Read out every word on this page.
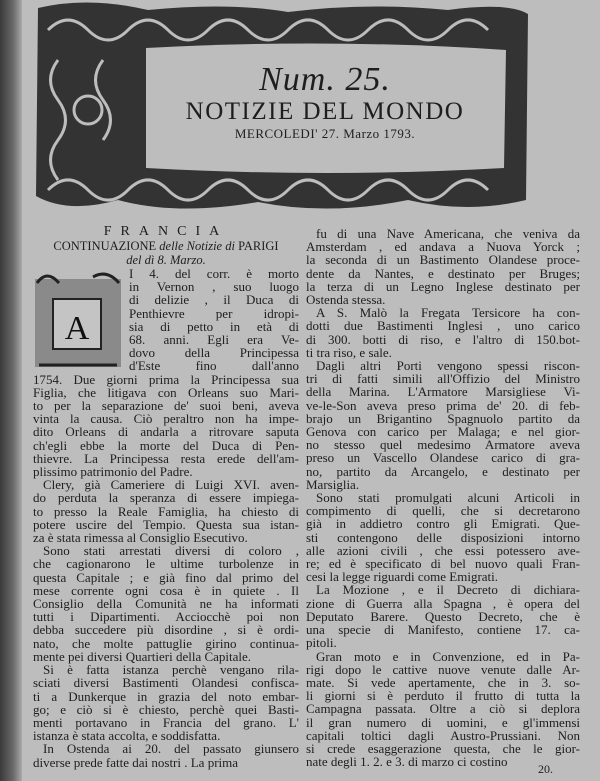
Num. 25.
NOTIZIE DEL MONDO
MERCOLEDI' 27. Marzo 1793.
FRANCIA
CONTINUAZIONE delle Notizie di PARIGI
del dì 8. Marzo.
A
I 4. del corr. è morto
in Vernon , suo luogo
di delizie , il Duca di
Penthievre per idropi-
sia di petto in età di
68. anni. Egli era Ve-
dovo della Principessa
d'Este fino dall'anno
1754. Due giorni prima la Principessa sua
Figlia, che litigava con Orleans suo Mari-
to per la separazione de' suoi beni, aveva
vinta la causa. Ciò peraltro non ha impe-
dito Orleans di andarla a ritrovare saputa
ch'egli ebbe la morte del Duca di Pen-
thievre. La Principessa resta erede dell'am-
plissimo patrimonio del Padre.
Clery, già Cameriere di Luigi XVI. aven-
do perduta la speranza di essere impiega-
to presso la Reale Famiglia, ha chiesto di
potere uscire del Tempio. Questa sua istan-
za è stata rimessa al Consiglio Esecutivo.
Sono stati arrestati diversi di coloro ,
che cagionarono le ultime turbolenze in
questa Capitale ; e già fino dal primo del
mese corrente ogni cosa è in quiete . Il
Consiglio della Comunità ne ha informati
tutti i Dipartimenti. Acciocchè poi non
debba succedere più disordine , si è ordi-
nato, che molte pattuglie girino continua-
mente pei diversi Quartieri della Capitale.
Si è fatta istanza perchè vengano rila-
sciati diversi Bastimenti Olandesi confisca-
ti a Dunkerque in grazia del noto embar-
go; e ciò si è chiesto, perchè quei Basti-
menti portavano in Francia del grano. L'
istanza è stata accolta, e soddisfatta.
In Ostenda ai 20. del passato giunsero
diverse prede fatte dai nostri . La prima
fu di una Nave Americana, che veniva da
Amsterdam , ed andava a Nuova Yorck ;
la seconda di un Bastimento Olandese proce-
dente da Nantes, e destinato per Bruges;
la terza di un Legno Inglese destinato per
Ostenda stessa.
A S. Malò la Fregata Tersicore ha con-
dotti due Bastimenti Inglesi , uno carico
di 300. botti di riso, e l'altro di 150.bot-
ti tra riso, e sale.
Dagli altri Porti vengono spessi riscon-
tri di fatti simili all'Offizio del Ministro
della Marina. L'Armatore Marsigliese Vi-
ve-le-Son aveva preso prima de' 20. di feb-
brajo un Brigantino Spagnuolo partito da
Genova con carico per Malaga; e nel gior-
no stesso quel medesimo Armatore aveva
preso un Vascello Olandese carico di gra-
no, partito da Arcangelo, e destinato per
Marsiglia.
Sono stati promulgati alcuni Articoli in
compimento di quelli, che si decretarono
già in addietro contro gli Emigrati. Que-
sti contengono delle disposizioni intorno
alle azioni civili , che essi potessero ave-
re; ed è specificato di bel nuovo quali Fran-
cesi la legge riguardi come Emigrati.
La Mozione , e il Decreto di dichiara-
zione di Guerra alla Spagna , è opera del
Deputato Barere. Questo Decreto, che è
una specie di Manifesto, contiene 17. ca-
pitoli.
Gran moto e in Convenzione, ed in Pa-
rigi dopo le cattive nuove venute dalle Ar-
mate. Si vede apertamente, che in 3. so-
li giorni si è perduto il frutto di tutta la
Campagna passata. Oltre a ciò si deplora
il gran numero di uomini, e gl'immensi
capitali toltici dagli Austro-Prussiani. Non
si crede esaggerazione questa, che le gior-
nate degli 1. 2. e 3. di marzo ci costino	20.
